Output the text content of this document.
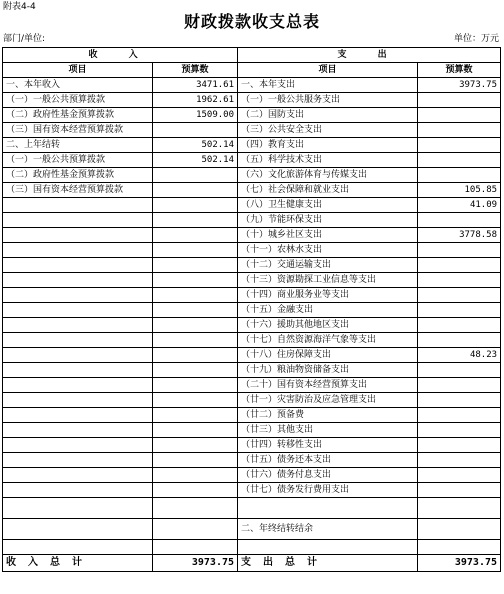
附表4-4
财政拨款收支总表
部门/单位:	单位：万元
收 入		支 出	
项目	预算数	项目	预算数
一、本年收入	3471.61	一、本年支出	3973.75
（一）一般公共预算拨款	1962.61	（一）一般公共服务支出	
（二）政府性基金预算拨款	1509.00	（二）国防支出	
（三）国有资本经营预算拨款		（三）公共安全支出	
二、上年结转	502.14	（四）教育支出	
（一）一般公共预算拨款	502.14	（五）科学技术支出	
（二）政府性基金预算拨款		（六）文化旅游体育与传媒支出	
（三）国有资本经营预算拨款		（七）社会保障和就业支出	105.85
		（八）卫生健康支出	41.09
		（九）节能环保支出	
		（十）城乡社区支出	3778.58
		（十一）农林水支出	
		（十二）交通运输支出	
		（十三）资源勘探工业信息等支出	
		（十四）商业服务业等支出	
		（十五）金融支出	
		（十六）援助其他地区支出	
		（十七）自然资源海洋气象等支出	
		（十八）住房保障支出	48.23
		（十九）粮油物资储备支出	
		（二十）国有资本经营预算支出	
		（廿一）灾害防治及应急管理支出	
		（廿二）预备费	
		（廿三）其他支出	
		（廿四）转移性支出	
		（廿五）债务还本支出	
		（廿六）债务付息支出	
		（廿七）债务发行费用支出	

		二、年终结转结余	

收入总计	3973.75	支出总计	3973.75
